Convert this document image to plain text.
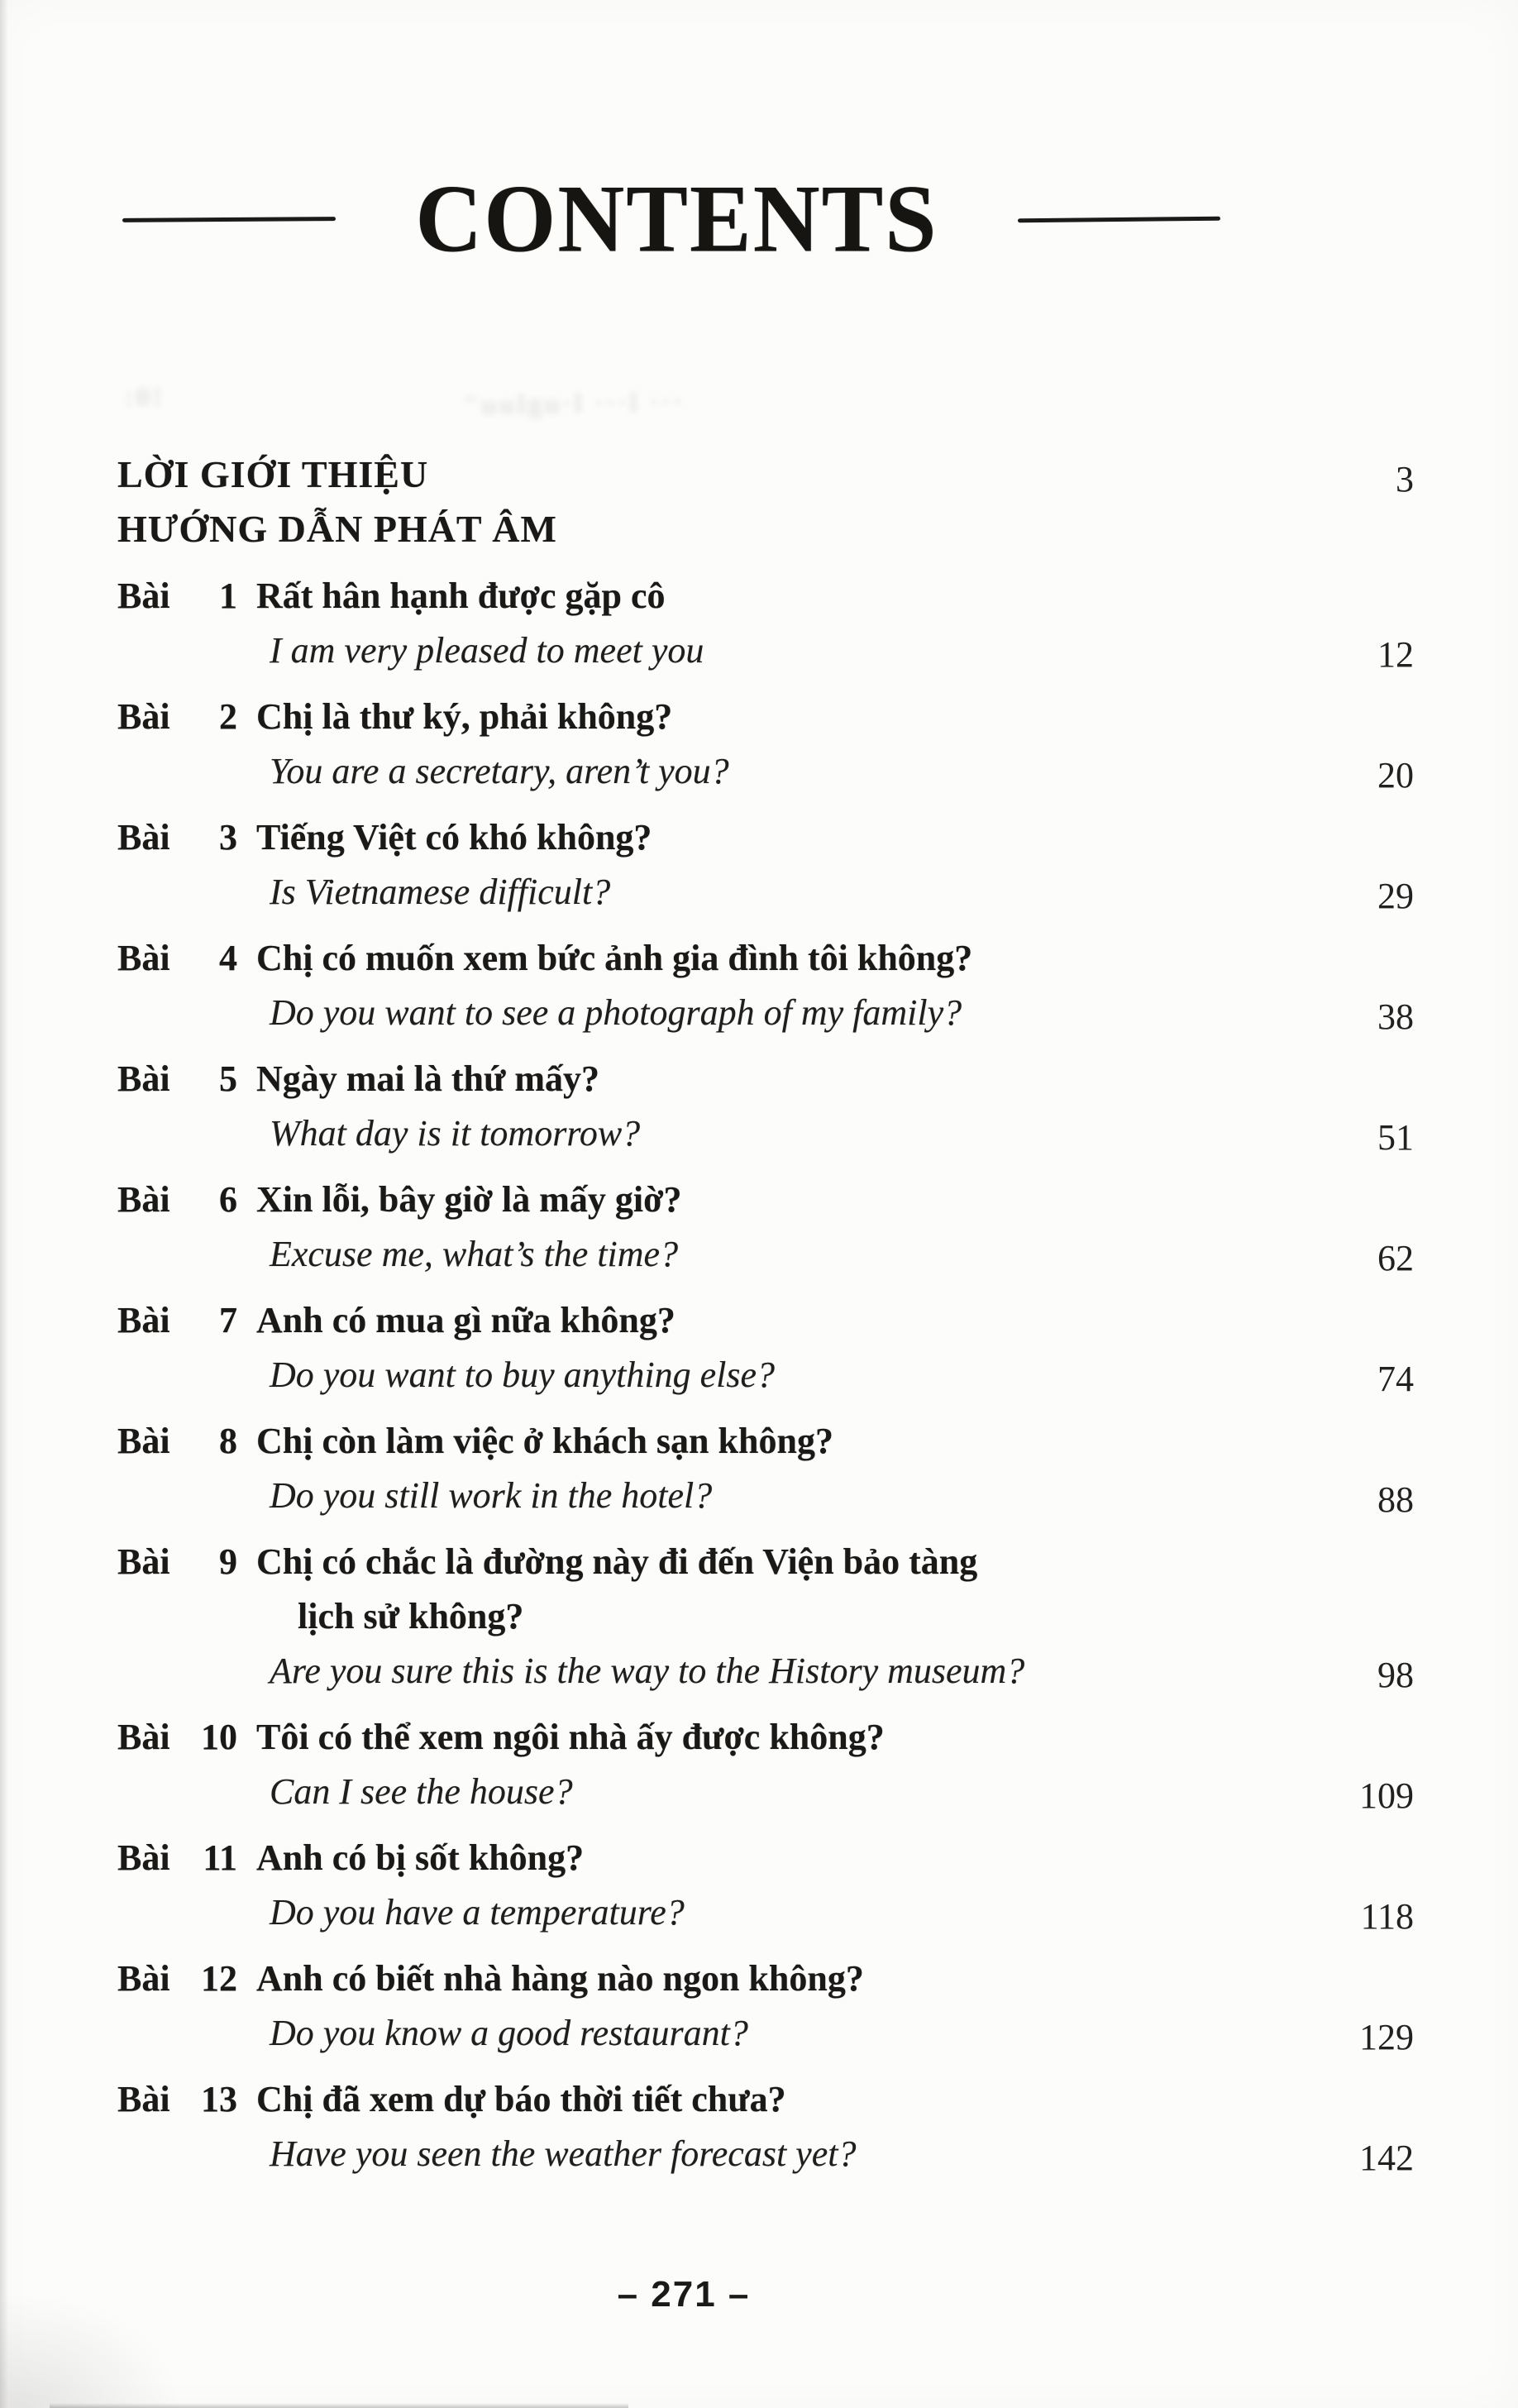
:0!	"uulgu·l ···l ···
CONTENTS
LỜI GIỚI THIỆU	3
HƯỚNG DẪN PHÁT ÂM
Bài 1 Rất hân hạnh được gặp cô
I am very pleased to meet you	12
Bài 2 Chị là thư ký, phải không?
You are a secretary, aren’t you?	20
Bài 3 Tiếng Việt có khó không?
Is Vietnamese difficult?	29
Bài 4 Chị có muốn xem bức ảnh gia đình tôi không?
Do you want to see a photograph of my family?	38
Bài 5 Ngày mai là thứ mấy?
What day is it tomorrow?	51
Bài 6 Xin lỗi, bây giờ là mấy giờ?
Excuse me, what’s the time?	62
Bài 7 Anh có mua gì nữa không?
Do you want to buy anything else?	74
Bài 8 Chị còn làm việc ở khách sạn không?
Do you still work in the hotel?	88
Bài 9 Chị có chắc là đường này đi đến Viện bảo tàng
lịch sử không?
Are you sure this is the way to the History museum?	98
Bài 10 Tôi có thể xem ngôi nhà ấy được không?
Can I see the house?	109
Bài 11 Anh có bị sốt không?
Do you have a temperature?	118
Bài 12 Anh có biết nhà hàng nào ngon không?
Do you know a good restaurant?	129
Bài 13 Chị đã xem dự báo thời tiết chưa?
Have you seen the weather forecast yet?	142
– 271 –
